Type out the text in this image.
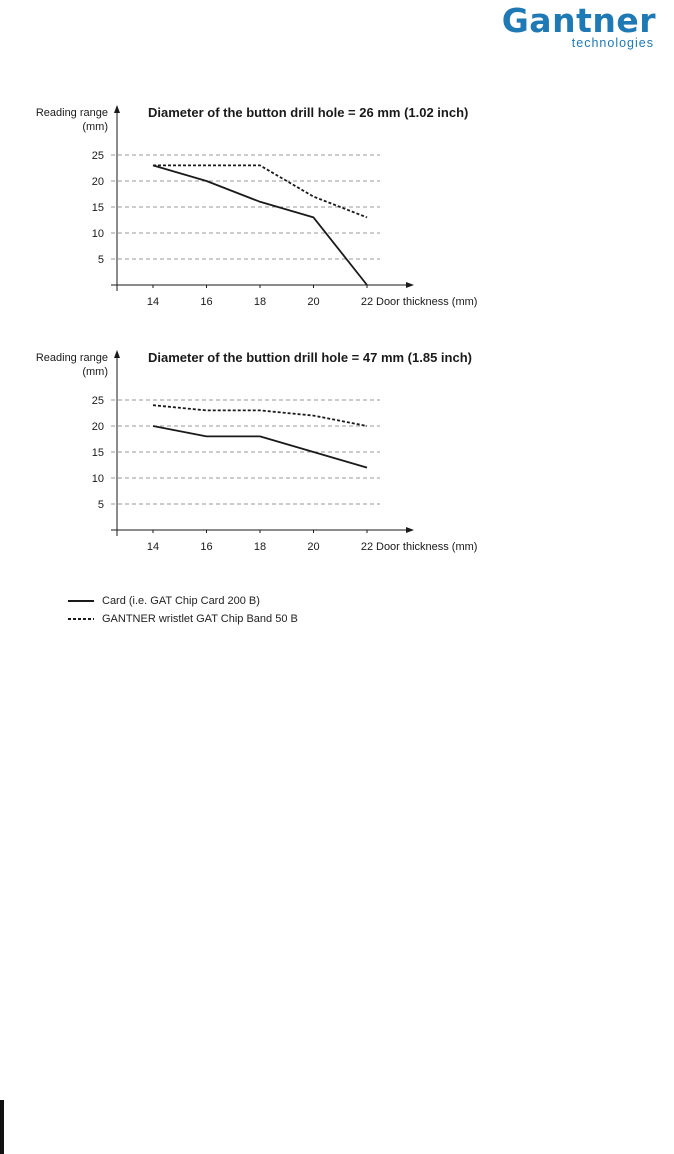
Gantner
technologies
Diameter of the button drill hole = 26 mm (1.02 inch)
Reading range
(mm)
5
10
15
20
25
14	16	18	20	22 Door thickness (mm)
Diameter of the buttion drill hole = 47 mm (1.85 inch)
Reading range
(mm)
5
10
15
20
25
14	16	18	20	22 Door thickness (mm)
Card (i.e. GAT Chip Card 200 B)
GANTNER wristlet GAT Chip Band 50 B
